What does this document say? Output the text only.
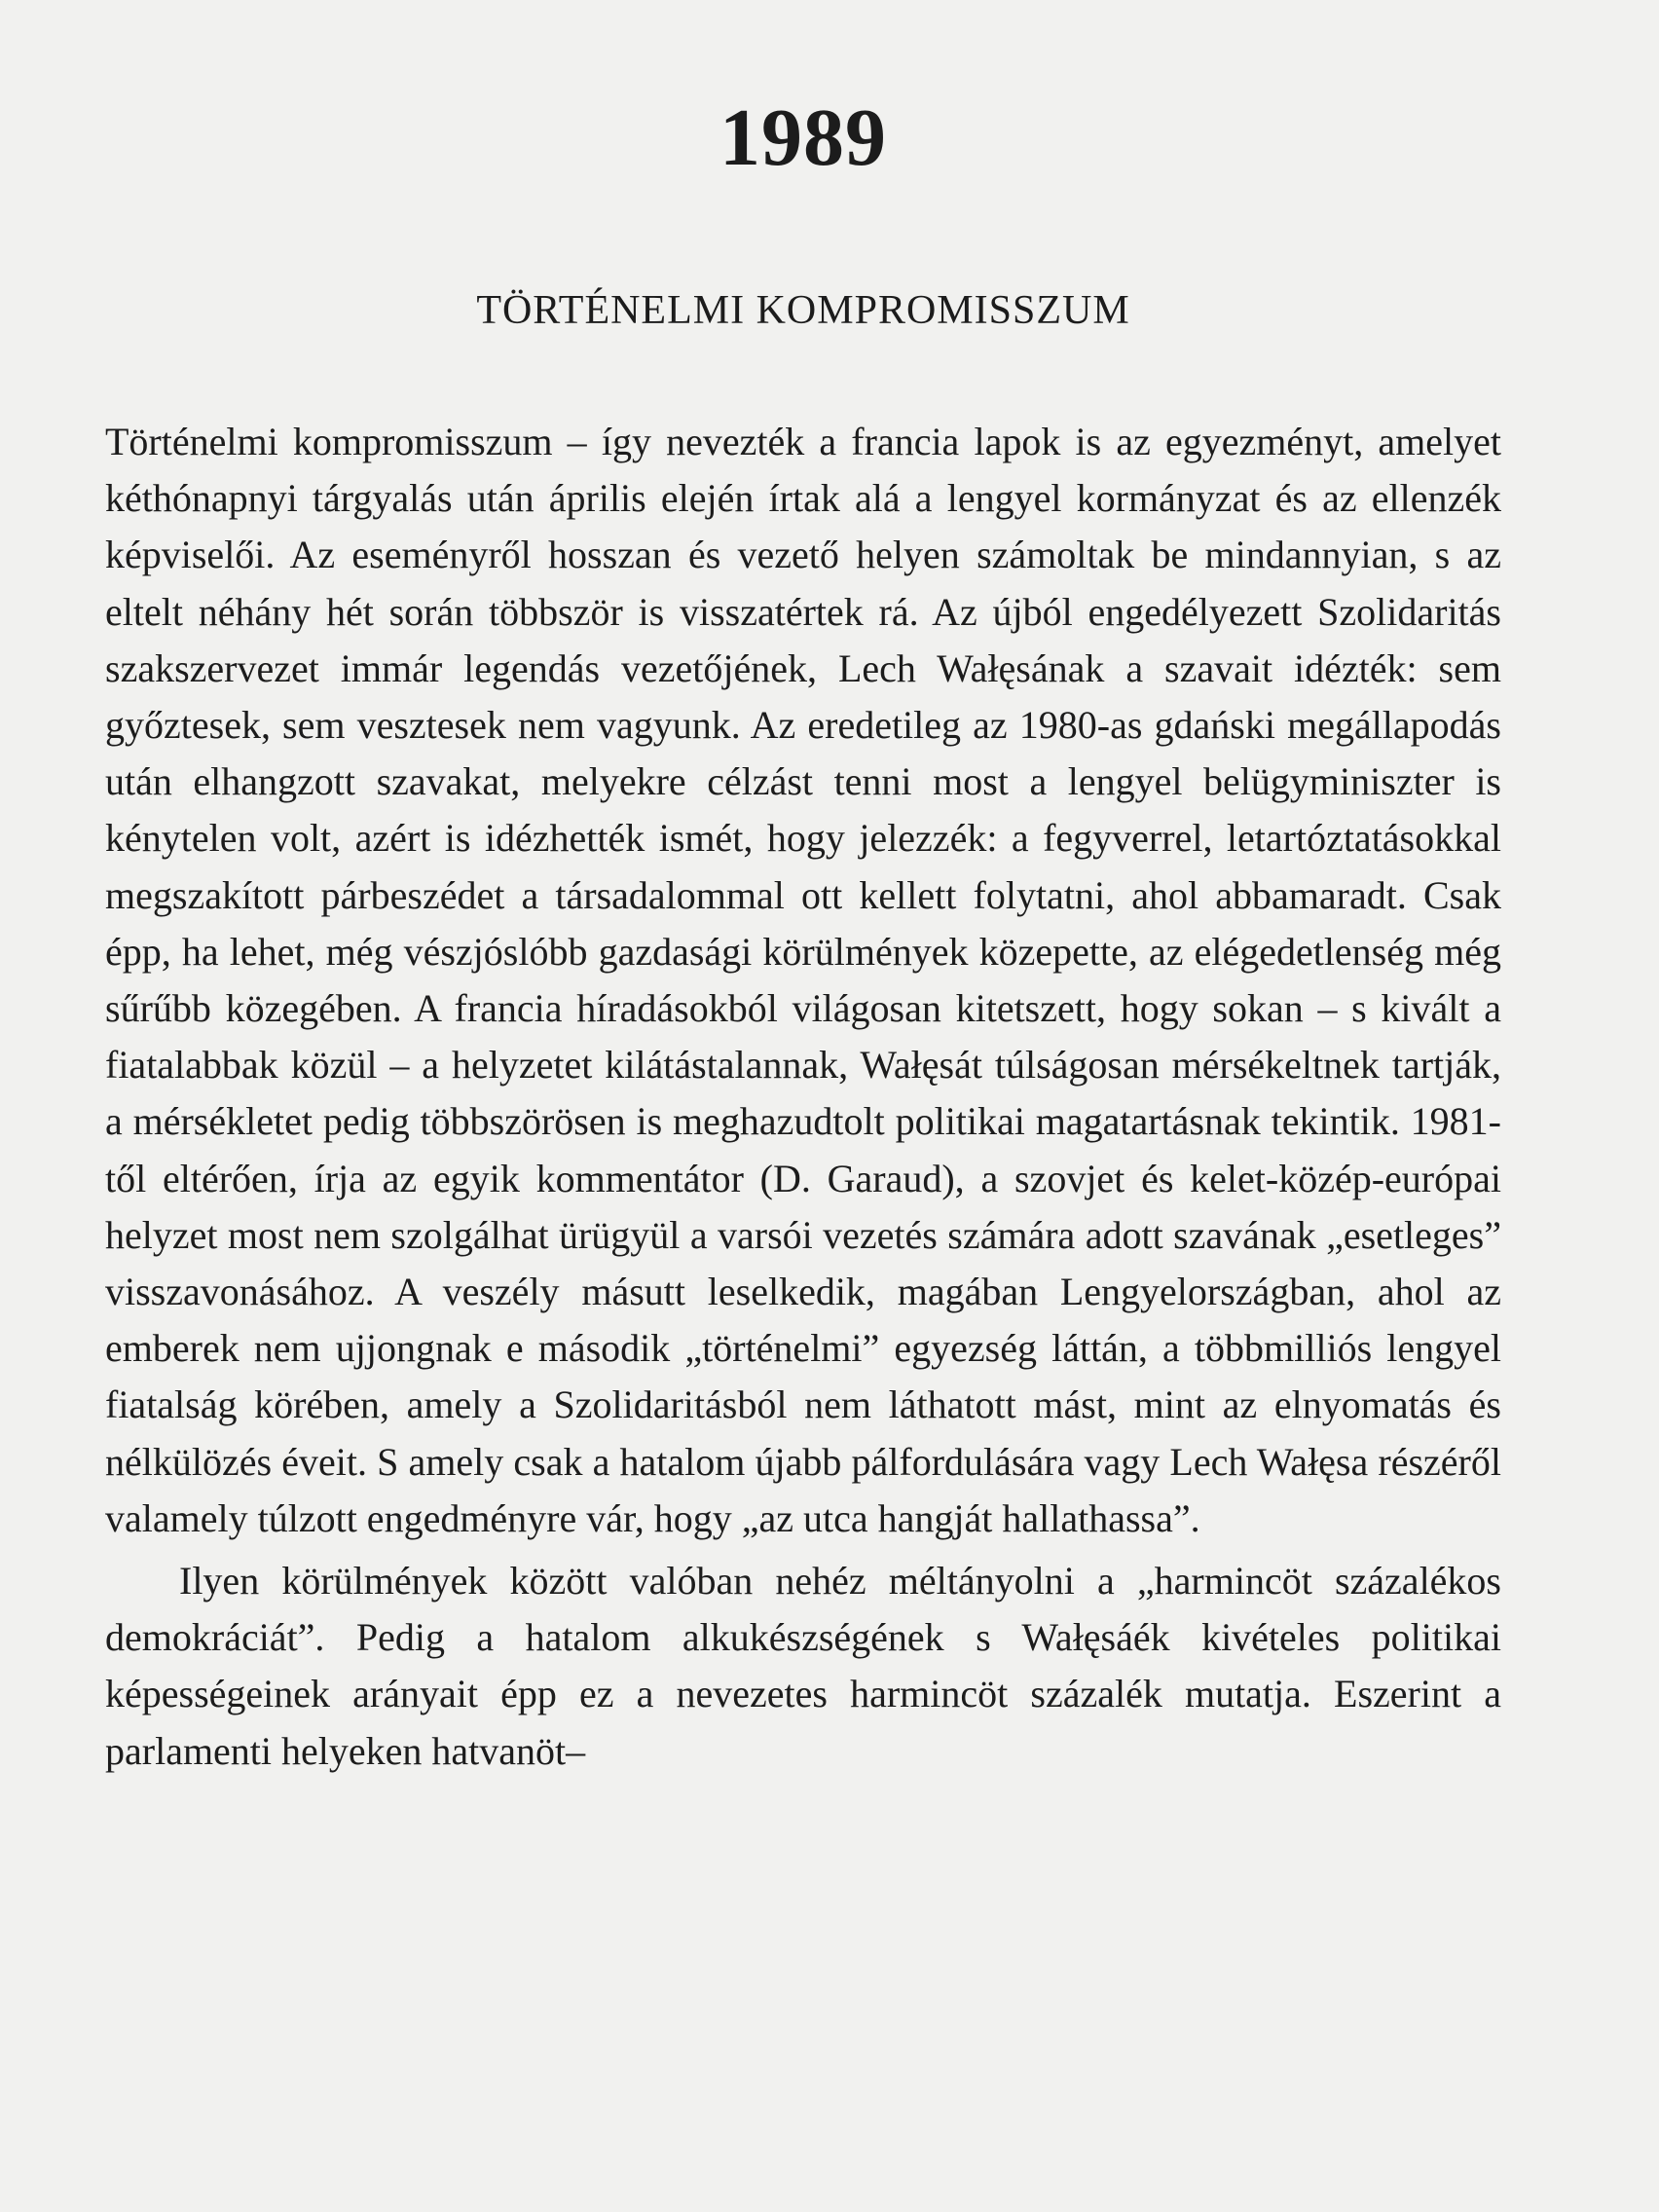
1989
TÖRTÉNELMI KOMPROMISSZUM

Történelmi kompromisszum – így nevezték a francia lapok is az egyezményt, amelyet kéthónapnyi tárgyalás után április elején írtak alá a lengyel kormányzat és az ellenzék képviselői. Az eseményről hosszan és vezető helyen számoltak be mindannyian, s az eltelt néhány hét során többször is visszatértek rá. Az újból engedélyezett Szolidaritás szakszervezet immár legendás vezetőjének, Lech Wałęsának a szavait idézték: sem győztesek, sem vesztesek nem vagyunk. Az eredetileg az 1980-as gdański megállapodás után elhangzott szavakat, melyekre célzást tenni most a lengyel belügyminiszter is kénytelen volt, azért is idézhették ismét, hogy jelezzék: a fegyverrel, letartóztatásokkal megszakított párbeszédet a társadalommal ott kellett folytatni, ahol abbamaradt. Csak épp, ha lehet, még vészjóslóbb gazdasági körülmények közepette, az elégedetlenség még sűrűbb közegében. A francia híradásokból világosan kitetszett, hogy sokan – s kivált a fiatalabbak közül – a helyzetet kilátástalannak, Wałęsát túlságosan mérsékeltnek tartják, a mérsékletet pedig többszörösen is meghazudtolt politikai magatartásnak tekintik. 1981-től eltérően, írja az egyik kommentátor (D. Garaud), a szovjet és kelet-közép-európai helyzet most nem szolgálhat ürügyül a varsói vezetés számára adott szavának „esetleges” visszavonásához. A veszély másutt leselkedik, magában Lengyelországban, ahol az emberek nem ujjongnak e második „történelmi” egyezség láttán, a többmilliós lengyel fiatalság körében, amely a Szolidaritásból nem láthatott mást, mint az elnyomatás és nélkülözés éveit. S amely csak a hatalom újabb pálfordulására vagy Lech Wałęsa részéről valamely túlzott engedményre vár, hogy „az utca hangját hallathassa”.

Ilyen körülmények között valóban nehéz méltányolni a „harmincöt százalékos demokráciát”. Pedig a hatalom alkukészségének s Wałęsáék kivételes politikai képességeinek arányait épp ez a nevezetes harmincöt százalék mutatja. Eszerint a parlamenti helyeken hatvanöt–
